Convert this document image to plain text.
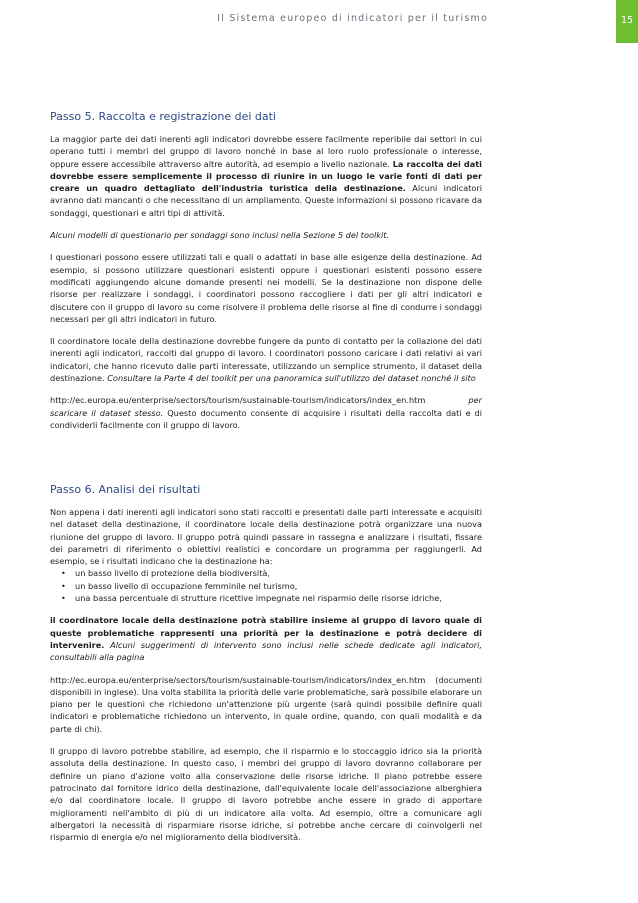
Il Sistema europeo di indicatori per il turismo	15
Passo 5. Raccolta e registrazione dei dati

La maggior parte dei dati inerenti agli indicatori dovrebbe essere facilmente reperibile dai settori in cui operano tutti i membri del gruppo di lavoro nonché in base al loro ruolo professionale o interesse, oppure essere accessibile attraverso altre autorità, ad esempio a livello nazionale. La raccolta dei dati dovrebbe essere semplicemente il processo di riunire in un luogo le varie fonti di dati per creare un quadro dettagliato dell'industria turistica della destinazione. Alcuni indicatori avranno dati mancanti o che necessitano di un ampliamento. Queste informazioni si possono ricavare da sondaggi, questionari e altri tipi di attività.

Alcuni modelli di questionario per sondaggi sono inclusi nella Sezione 5 del toolkit.

I questionari possono essere utilizzati tali e quali o adattati in base alle esigenze della destinazione. Ad esempio, si possono utilizzare questionari esistenti oppure i questionari esistenti possono essere modificati aggiungendo alcune domande presenti nei modelli. Se la destinazione non dispone delle risorse per realizzare i sondaggi, i coordinatori possono raccogliere i dati per gli altri indicatori e discutere con il gruppo di lavoro su come risolvere il problema delle risorse al fine di condurre i sondaggi necessari per gli altri indicatori in futuro.

Il coordinatore locale della destinazione dovrebbe fungere da punto di contatto per la collazione dei dati inerenti agli indicatori, raccolti dal gruppo di lavoro. I coordinatori possono caricare i dati relativi ai vari indicatori, che hanno ricevuto dalle parti interessate, utilizzando un semplice strumento, il dataset della destinazione. Consultare la Parte 4 del toolkit per una panoramica sull'utilizzo del dataset nonché il sito

http://ec.europa.eu/enterprise/sectors/tourism/sustainable-tourism/indicators/index_en.htm	per
scaricare il dataset stesso. Questo documento consente di acquisire i risultati della raccolta dati e di condividerli facilmente con il gruppo di lavoro.

Passo 6. Analisi dei risultati

Non appena i dati inerenti agli indicatori sono stati raccolti e presentati dalle parti interessate e acquisiti nel dataset della destinazione, il coordinatore locale della destinazione potrà organizzare una nuova riunione del gruppo di lavoro. Il gruppo potrà quindi passare in rassegna e analizzare i risultati, fissare dei parametri di riferimento o obiettivi realistici e concordare un programma per raggiungerli. Ad esempio, se i risultati indicano che la destinazione ha:

• un basso livello di protezione della biodiversità,
• un basso livello di occupazione femminile nel turismo,
• una bassa percentuale di strutture ricettive impegnate nel risparmio delle risorse idriche,

il coordinatore locale della destinazione potrà stabilire insieme al gruppo di lavoro quale di queste problematiche rappresenti una priorità per la destinazione e potrà decidere di intervenire. Alcuni suggerimenti di intervento sono inclusi nelle schede dedicate agli indicatori, consultabili alla pagina

http://ec.europa.eu/enterprise/sectors/tourism/sustainable-tourism/indicators/index_en.htm (documenti disponibili in inglese). Una volta stabilita la priorità delle varie problematiche, sarà possibile elaborare un piano per le questioni che richiedono un'attenzione più urgente (sarà quindi possibile definire quali indicatori e problematiche richiedono un intervento, in quale ordine, quando, con quali modalità e da parte di chi).

Il gruppo di lavoro potrebbe stabilire, ad esempio, che il risparmio e lo stoccaggio idrico sia la priorità assoluta della destinazione. In questo caso, i membri del gruppo di lavoro dovranno collaborare per definire un piano d'azione volto alla conservazione delle risorse idriche. Il piano potrebbe essere patrocinato dal fornitore idrico della destinazione, dall'equivalente locale dell'associazione alberghiera e/o dal coordinatore locale. Il gruppo di lavoro potrebbe anche essere in grado di apportare miglioramenti nell'ambito di più di un indicatore alla volta. Ad esempio, oltre a comunicare agli albergatori la necessità di risparmiare risorse idriche, si potrebbe anche cercare di coinvolgerli nel risparmio di energia e/o nel miglioramento della biodiversità.
